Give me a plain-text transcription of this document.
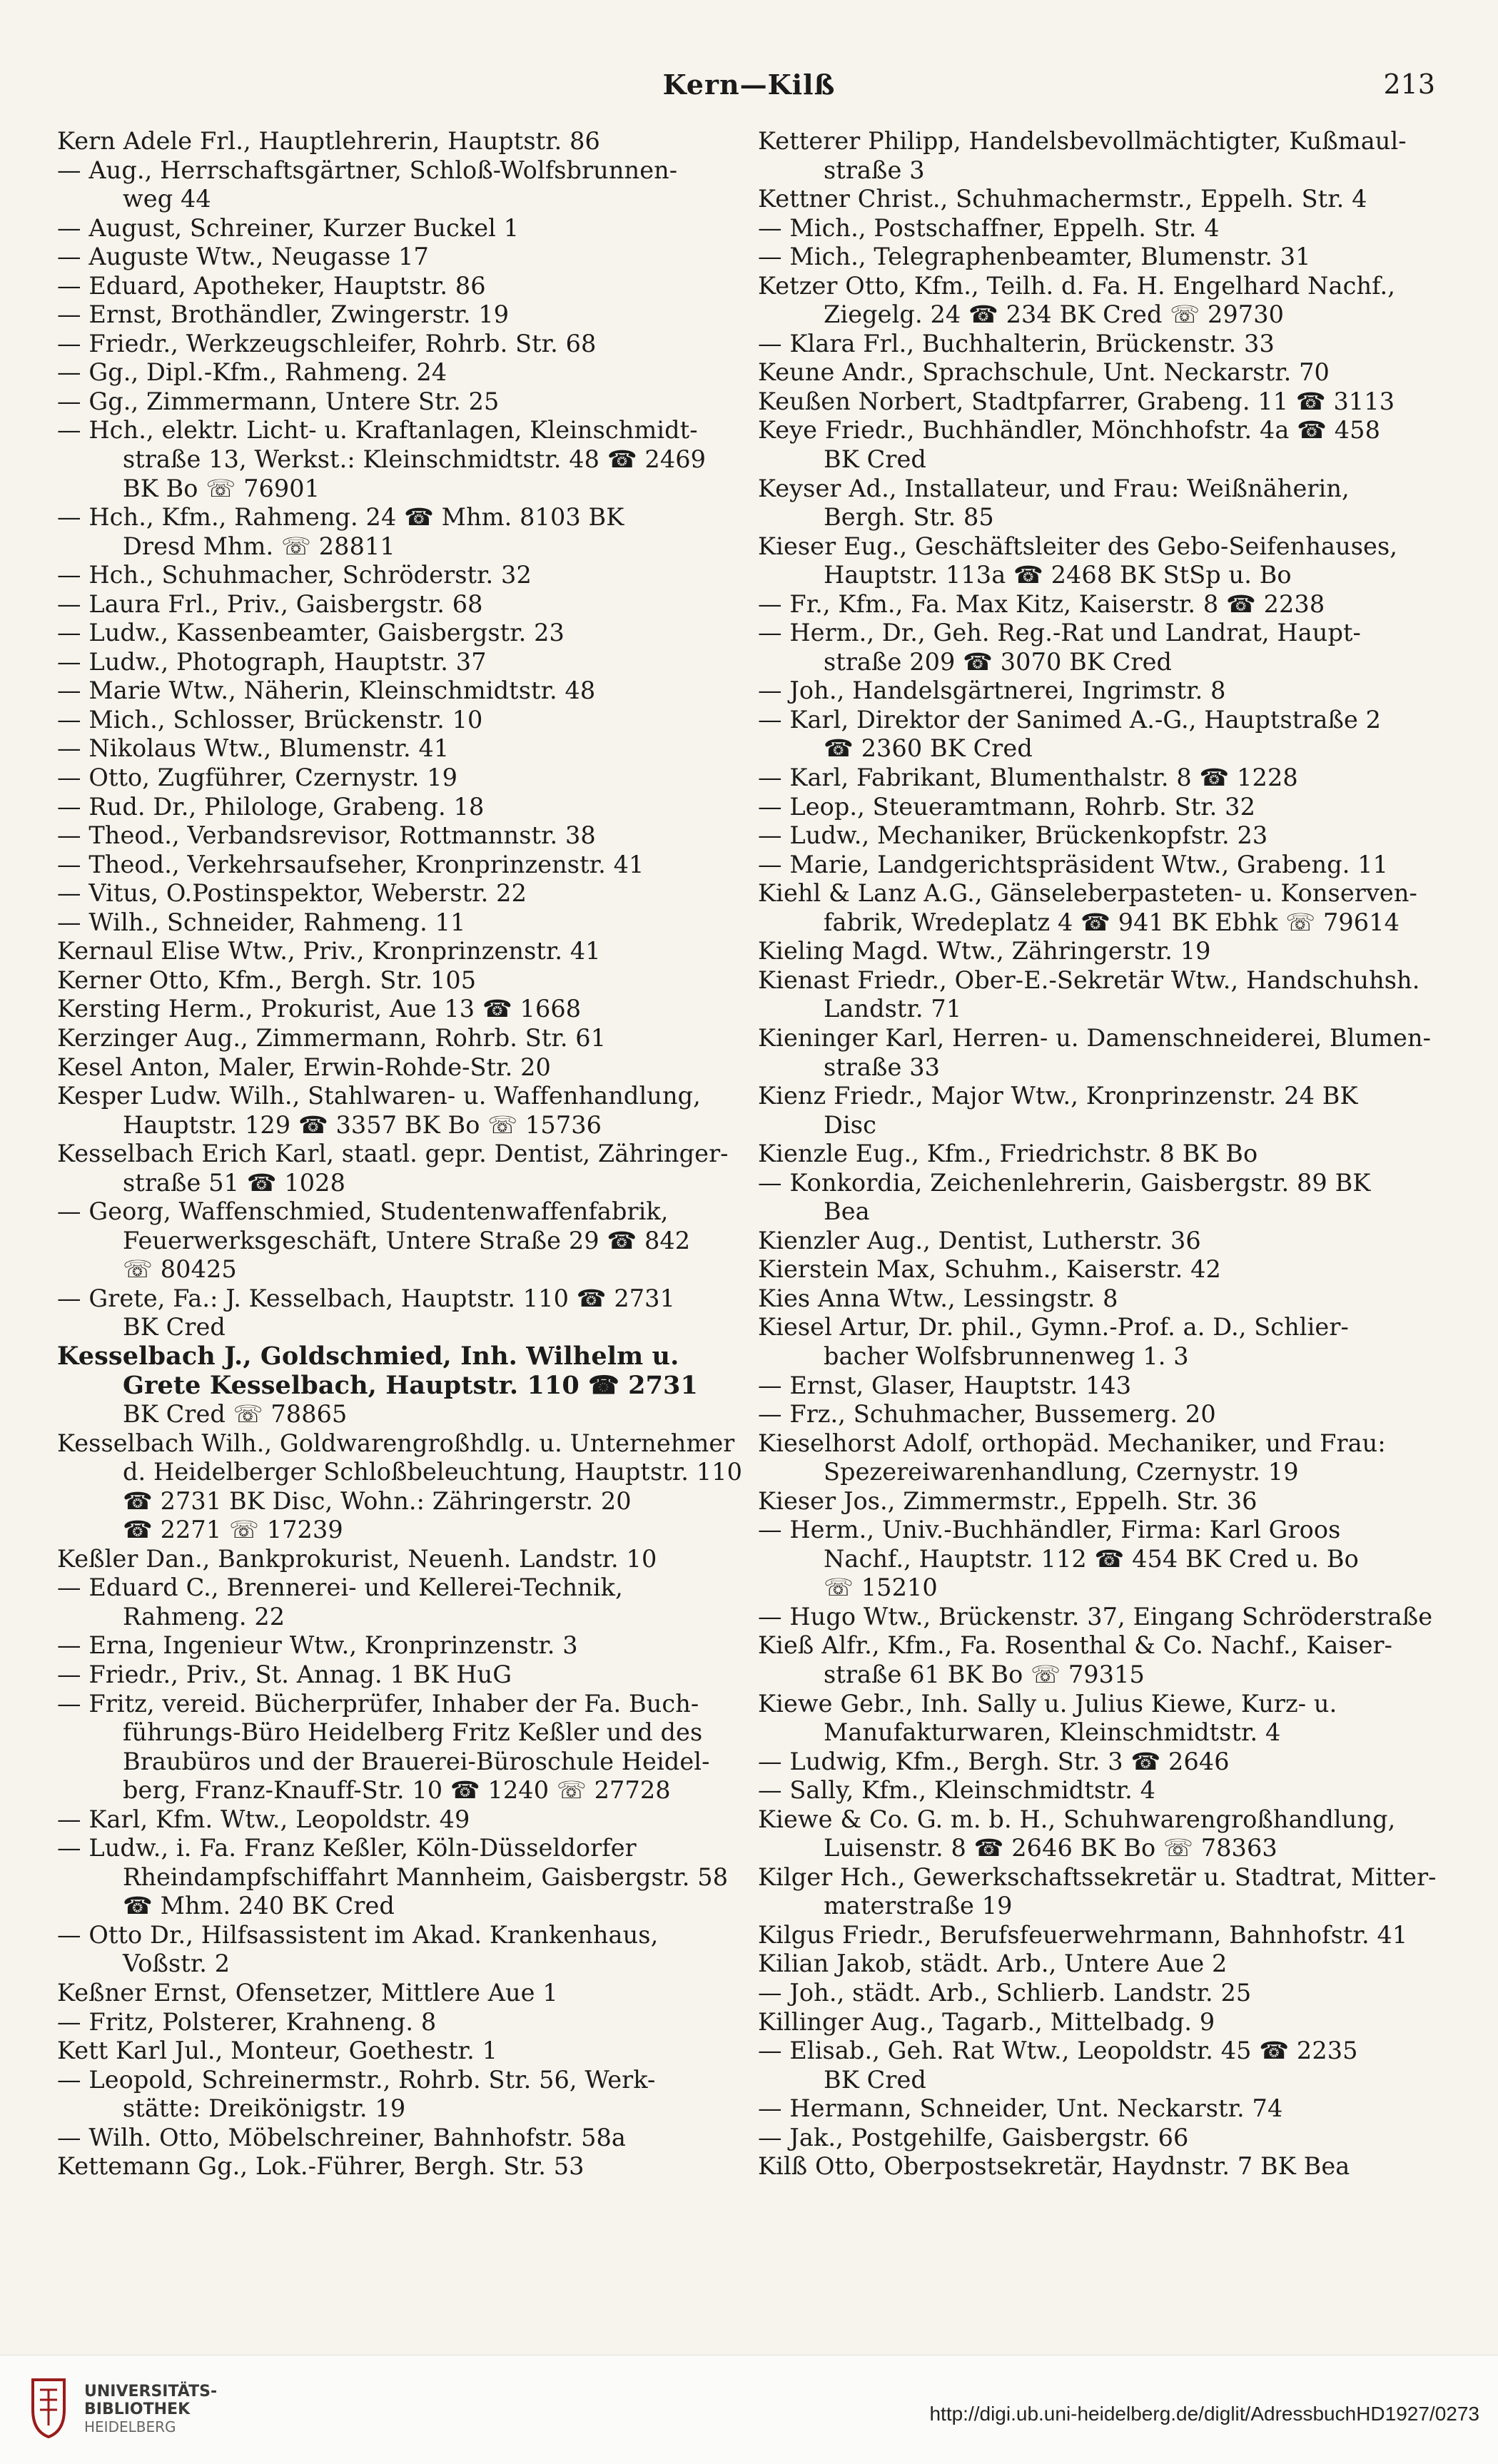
Kern—Kilß	213
Kern Adele Frl., Hauptlehrerin, Hauptstr. 86
— Aug., Herrschaftsgärtner, Schloß-Wolfsbrunnen-
weg 44
— August, Schreiner, Kurzer Buckel 1
— Auguste Wtw., Neugasse 17
— Eduard, Apotheker, Hauptstr. 86
— Ernst, Brothändler, Zwingerstr. 19
— Friedr., Werkzeugschleifer, Rohrb. Str. 68
— Gg., Dipl.-Kfm., Rahmeng. 24
— Gg., Zimmermann, Untere Str. 25
— Hch., elektr. Licht- u. Kraftanlagen, Kleinschmidt-
straße 13, Werkst.: Kleinschmidtstr. 48 ☎ 2469
BK Bo ☏ 76901
— Hch., Kfm., Rahmeng. 24 ☎ Mhm. 8103 BK
Dresd Mhm. ☏ 28811
— Hch., Schuhmacher, Schröderstr. 32
— Laura Frl., Priv., Gaisbergstr. 68
— Ludw., Kassenbeamter, Gaisbergstr. 23
— Ludw., Photograph, Hauptstr. 37
— Marie Wtw., Näherin, Kleinschmidtstr. 48
— Mich., Schlosser, Brückenstr. 10
— Nikolaus Wtw., Blumenstr. 41
— Otto, Zugführer, Czernystr. 19
— Rud. Dr., Philologe, Grabeng. 18
— Theod., Verbandsrevisor, Rottmannstr. 38
— Theod., Verkehrsaufseher, Kronprinzenstr. 41
— Vitus, O.Postinspektor, Weberstr. 22
— Wilh., Schneider, Rahmeng. 11
Kernaul Elise Wtw., Priv., Kronprinzenstr. 41
Kerner Otto, Kfm., Bergh. Str. 105
Kersting Herm., Prokurist, Aue 13 ☎ 1668
Kerzinger Aug., Zimmermann, Rohrb. Str. 61
Kesel Anton, Maler, Erwin-Rohde-Str. 20
Kesper Ludw. Wilh., Stahlwaren- u. Waffenhandlung,
Hauptstr. 129 ☎ 3357 BK Bo ☏ 15736
Kesselbach Erich Karl, staatl. gepr. Dentist, Zähringer-
straße 51 ☎ 1028
— Georg, Waffenschmied, Studentenwaffenfabrik,
Feuerwerksgeschäft, Untere Straße 29 ☎ 842
☏ 80425
— Grete, Fa.: J. Kesselbach, Hauptstr. 110 ☎ 2731
BK Cred
Kesselbach J., Goldschmied, Inh. Wilhelm u.
Grete Kesselbach, Hauptstr. 110 ☎ 2731
BK Cred ☏ 78865
Kesselbach Wilh., Goldwarengroßhdlg. u. Unternehmer
d. Heidelberger Schloßbeleuchtung, Hauptstr. 110
☎ 2731 BK Disc, Wohn.: Zähringerstr. 20
☎ 2271 ☏ 17239
Keßler Dan., Bankprokurist, Neuenh. Landstr. 10
— Eduard C., Brennerei- und Kellerei-Technik,
Rahmeng. 22
— Erna, Ingenieur Wtw., Kronprinzenstr. 3
— Friedr., Priv., St. Annag. 1 BK HuG
— Fritz, vereid. Bücherprüfer, Inhaber der Fa. Buch-
führungs-Büro Heidelberg Fritz Keßler und des
Braubüros und der Brauerei-Büroschule Heidel-
berg, Franz-Knauff-Str. 10 ☎ 1240 ☏ 27728
— Karl, Kfm. Wtw., Leopoldstr. 49
— Ludw., i. Fa. Franz Keßler, Köln-Düsseldorfer
Rheindampfschiffahrt Mannheim, Gaisbergstr. 58
☎ Mhm. 240 BK Cred
— Otto Dr., Hilfsassistent im Akad. Krankenhaus,
Voßstr. 2
Keßner Ernst, Ofensetzer, Mittlere Aue 1
— Fritz, Polsterer, Krahneng. 8
Kett Karl Jul., Monteur, Goethestr. 1
— Leopold, Schreinermstr., Rohrb. Str. 56, Werk-
stätte: Dreikönigstr. 19
— Wilh. Otto, Möbelschreiner, Bahnhofstr. 58a
Kettemann Gg., Lok.-Führer, Bergh. Str. 53
Ketterer Philipp, Handelsbevollmächtigter, Kußmaul-
straße 3
Kettner Christ., Schuhmachermstr., Eppelh. Str. 4
— Mich., Postschaffner, Eppelh. Str. 4
— Mich., Telegraphenbeamter, Blumenstr. 31
Ketzer Otto, Kfm., Teilh. d. Fa. H. Engelhard Nachf.,
Ziegelg. 24 ☎ 234 BK Cred ☏ 29730
— Klara Frl., Buchhalterin, Brückenstr. 33
Keune Andr., Sprachschule, Unt. Neckarstr. 70
Keußen Norbert, Stadtpfarrer, Grabeng. 11 ☎ 3113
Keye Friedr., Buchhändler, Mönchhofstr. 4a ☎ 458
BK Cred
Keyser Ad., Installateur, und Frau: Weißnäherin,
Bergh. Str. 85
Kieser Eug., Geschäftsleiter des Gebo-Seifenhauses,
Hauptstr. 113a ☎ 2468 BK StSp u. Bo
— Fr., Kfm., Fa. Max Kitz, Kaiserstr. 8 ☎ 2238
— Herm., Dr., Geh. Reg.-Rat und Landrat, Haupt-
straße 209 ☎ 3070 BK Cred
— Joh., Handelsgärtnerei, Ingrimstr. 8
— Karl, Direktor der Sanimed A.-G., Hauptstraße 2
☎ 2360 BK Cred
— Karl, Fabrikant, Blumenthalstr. 8 ☎ 1228
— Leop., Steueramtmann, Rohrb. Str. 32
— Ludw., Mechaniker, Brückenkopfstr. 23
— Marie, Landgerichtspräsident Wtw., Grabeng. 11
Kiehl & Lanz A.G., Gänseleberpasteten- u. Konserven-
fabrik, Wredeplatz 4 ☎ 941 BK Ebhk ☏ 79614
Kieling Magd. Wtw., Zähringerstr. 19
Kienast Friedr., Ober-E.-Sekretär Wtw., Handschuhsh.
Landstr. 71
Kieninger Karl, Herren- u. Damenschneiderei, Blumen-
straße 33
Kienz Friedr., Major Wtw., Kronprinzenstr. 24 BK
Disc
Kienzle Eug., Kfm., Friedrichstr. 8 BK Bo
— Konkordia, Zeichenlehrerin, Gaisbergstr. 89 BK
Bea
Kienzler Aug., Dentist, Lutherstr. 36
Kierstein Max, Schuhm., Kaiserstr. 42
Kies Anna Wtw., Lessingstr. 8
Kiesel Artur, Dr. phil., Gymn.-Prof. a. D., Schlier-
bacher Wolfsbrunnenweg 1. 3
— Ernst, Glaser, Hauptstr. 143
— Frz., Schuhmacher, Bussemerg. 20
Kieselhorst Adolf, orthopäd. Mechaniker, und Frau:
Spezereiwarenhandlung, Czernystr. 19
Kieser Jos., Zimmermstr., Eppelh. Str. 36
— Herm., Univ.-Buchhändler, Firma: Karl Groos
Nachf., Hauptstr. 112 ☎ 454 BK Cred u. Bo
☏ 15210
— Hugo Wtw., Brückenstr. 37, Eingang Schröderstraße
Kieß Alfr., Kfm., Fa. Rosenthal & Co. Nachf., Kaiser-
straße 61 BK Bo ☏ 79315
Kiewe Gebr., Inh. Sally u. Julius Kiewe, Kurz- u.
Manufakturwaren, Kleinschmidtstr. 4
— Ludwig, Kfm., Bergh. Str. 3 ☎ 2646
— Sally, Kfm., Kleinschmidtstr. 4
Kiewe & Co. G. m. b. H., Schuhwarengroßhandlung,
Luisenstr. 8 ☎ 2646 BK Bo ☏ 78363
Kilger Hch., Gewerkschaftssekretär u. Stadtrat, Mitter-
materstraße 19
Kilgus Friedr., Berufsfeuerwehrmann, Bahnhofstr. 41
Kilian Jakob, städt. Arb., Untere Aue 2
— Joh., städt. Arb., Schlierb. Landstr. 25
Killinger Aug., Tagarb., Mittelbadg. 9
— Elisab., Geh. Rat Wtw., Leopoldstr. 45 ☎ 2235
BK Cred
— Hermann, Schneider, Unt. Neckarstr. 74
— Jak., Postgehilfe, Gaisbergstr. 66
Kilß Otto, Oberpostsekretär, Haydnstr. 7 BK Bea
UNIVERSITÄTS-
BIBLIOTHEK
HEIDELBERG
http://digi.ub.uni-heidelberg.de/diglit/AdressbuchHD1927/0273
